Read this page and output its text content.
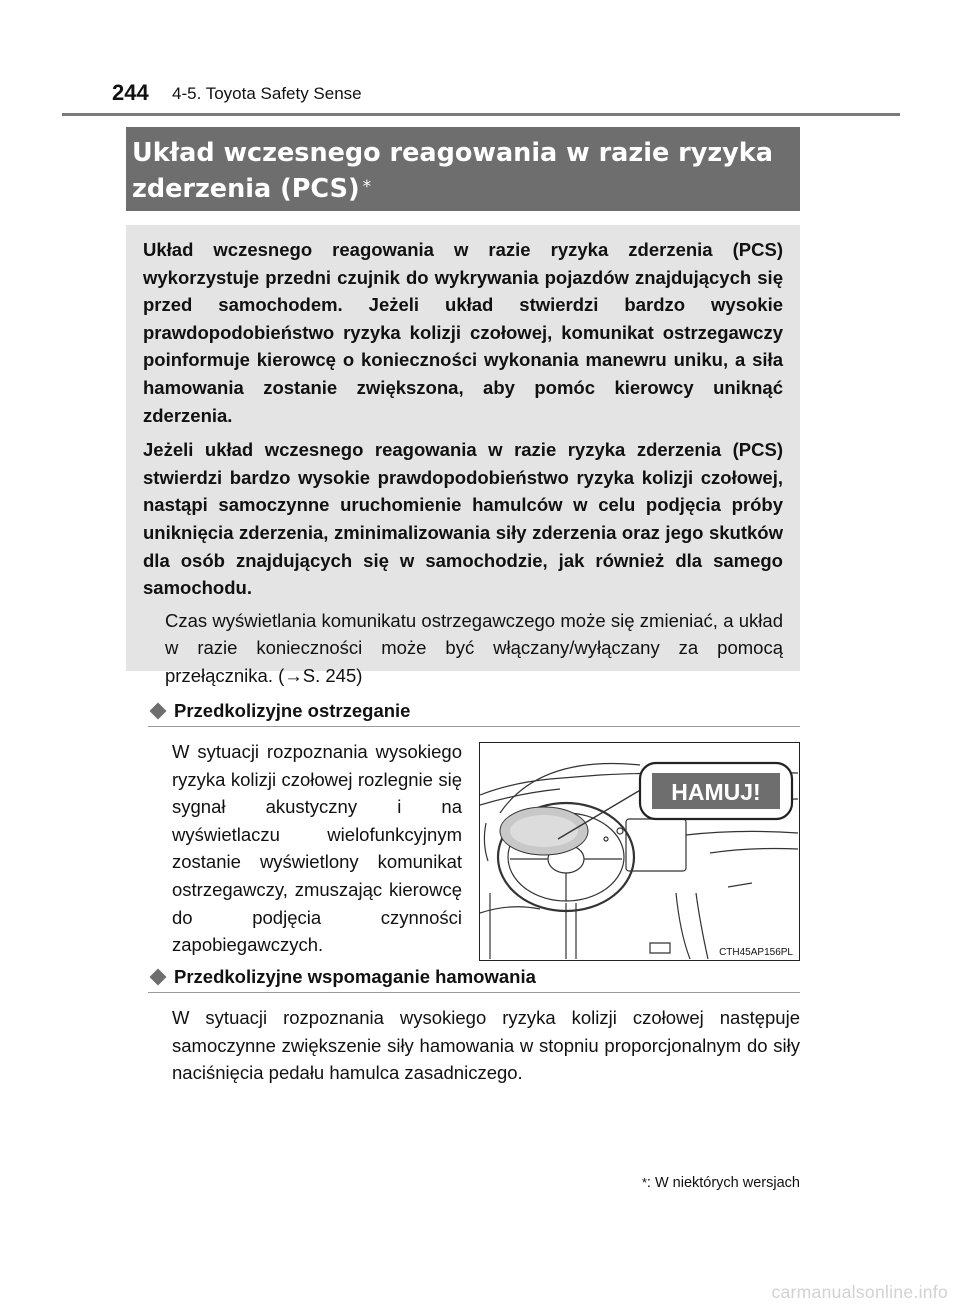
244 4-5. Toyota Safety Sense
Układ wczesnego reagowania w razie ryzyka
zderzenia (PCS) *

Układ wczesnego reagowania w razie ryzyka zderzenia (PCS) wykorzystuje przedni czujnik do wykrywania pojazdów znajdujących się przed samochodem. Jeżeli układ stwierdzi bardzo wysokie prawdopodobieństwo ryzyka kolizji czołowej, komunikat ostrzegawczy poinformuje kierowcę o konieczności wykonania manewru uniku, a siła hamowania zostanie zwiększona, aby pomóc kierowcy uniknąć zderzenia.

Jeżeli układ wczesnego reagowania w razie ryzyka zderzenia (PCS) stwierdzi bardzo wysokie prawdopodobieństwo ryzyka kolizji czołowej, nastąpi samoczynne uruchomienie hamulców w celu podjęcia próby uniknięcia zderzenia, zminimalizowania siły zderzenia oraz jego skutków dla osób znajdujących się w samochodzie, jak również dla samego samochodu.

Czas wyświetlania komunikatu ostrzegawczego może się zmieniać, a układ w razie konieczności może być włączany/wyłączany za pomocą przełącznika. (→S. 245)

Przedkolizyjne ostrzeganie

W sytuacji rozpoznania wysokiego ryzyka kolizji czołowej rozlegnie się sygnał akustyczny i na wyświetlaczu wielofunkcyjnym zostanie wyświetlony komunikat ostrzegawczy, zmuszając kierowcę do podjęcia czynności zapobiegawczych.

HAMUJ!
CTH45AP156PL
Przedkolizyjne wspomaganie hamowania

W sytuacji rozpoznania wysokiego ryzyka kolizji czołowej następuje samoczynne zwiększenie siły hamowania w stopniu proporcjonalnym do siły naciśnięcia pedału hamulca zasadniczego.

*: W niektórych wersjach
carmanualsonline.info
